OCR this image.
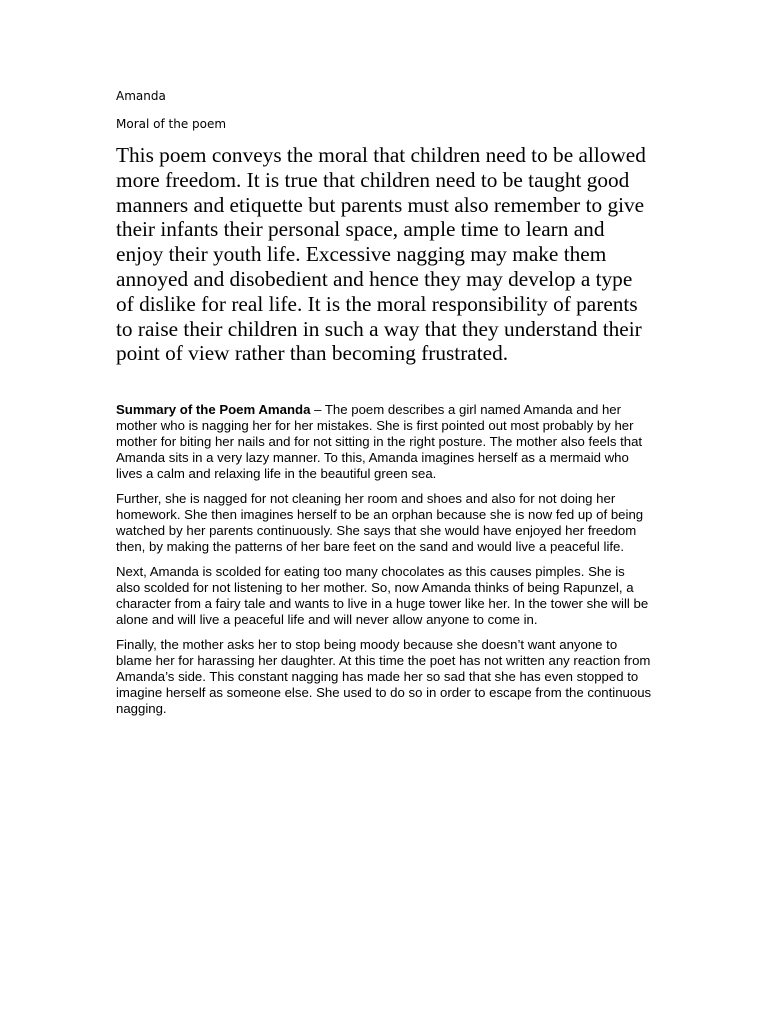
Amanda
Moral of the poem

This poem conveys the moral that children need to be allowed more freedom. It is true that children need to be taught good manners and etiquette but parents must also remember to give their infants their personal space, ample time to learn and enjoy their youth life. Excessive nagging may make them annoyed and disobedient and hence they may develop a type of dislike for real life. It is the moral responsibility of parents to raise their children in such a way that they understand their point of view rather than becoming frustrated.

Summary of the Poem Amanda – The poem describes a girl named Amanda and her mother who is nagging her for her mistakes. She is first pointed out most probably by her mother for biting her nails and for not sitting in the right posture. The mother also feels that Amanda sits in a very lazy manner. To this, Amanda imagines herself as a mermaid who lives a calm and relaxing life in the beautiful green sea.

Further, she is nagged for not cleaning her room and shoes and also for not doing her homework. She then imagines herself to be an orphan because she is now fed up of being watched by her parents continuously. She says that she would have enjoyed her freedom then, by making the patterns of her bare feet on the sand and would live a peaceful life.

Next, Amanda is scolded for eating too many chocolates as this causes pimples. She is also scolded for not listening to her mother. So, now Amanda thinks of being Rapunzel, a character from a fairy tale and wants to live in a huge tower like her. In the tower she will be alone and will live a peaceful life and will never allow anyone to come in.

Finally, the mother asks her to stop being moody because she doesn’t want anyone to blame her for harassing her daughter. At this time the poet has not written any reaction from Amanda’s side. This constant nagging has made her so sad that she has even stopped to imagine herself as someone else. She used to do so in order to escape from the continuous nagging.
